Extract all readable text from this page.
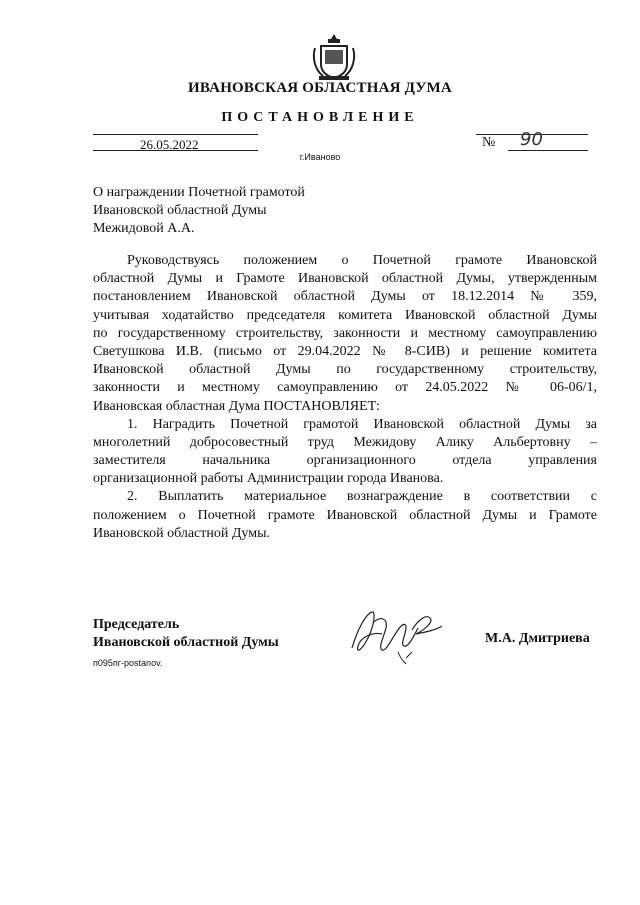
ИВАНОВСКАЯ ОБЛАСТНАЯ ДУМА
ПОСТАНОВЛЕНИЕ
26.05.2022	№ 90
г.Иваново
О награждении Почетной грамотой
Ивановской областной Думы
Межидовой А.А.
Руководствуясь положением о Почетной грамоте Ивановской
областной Думы и Грамоте Ивановской областной Думы, утвержденным
постановлением Ивановской областной Думы от 18.12.2014 № 359,
учитывая ходатайство председателя комитета Ивановской областной Думы
по государственному строительству, законности и местному самоуправлению
Светушкова И.В. (письмо от 29.04.2022 № 8-СИВ) и решение комитета
Ивановской областной Думы по государственному строительству,
законности и местному самоуправлению от 24.05.2022 № 06-06/1,
Ивановская областная Дума ПОСТАНОВЛЯЕТ:
1. Наградить Почетной грамотой Ивановской областной Думы за
многолетний добросовестный труд Межидову Алику Альбертовну –
заместителя начальника организационного отдела управления
организационной работы Администрации города Иванова.
2. Выплатить материальное вознаграждение в соответствии с
положением о Почетной грамоте Ивановской областной Думы и Грамоте
Ивановской областной Думы.
Председатель
Ивановской областной Думы	М.А. Дмитриева
п095пг-postanov.
